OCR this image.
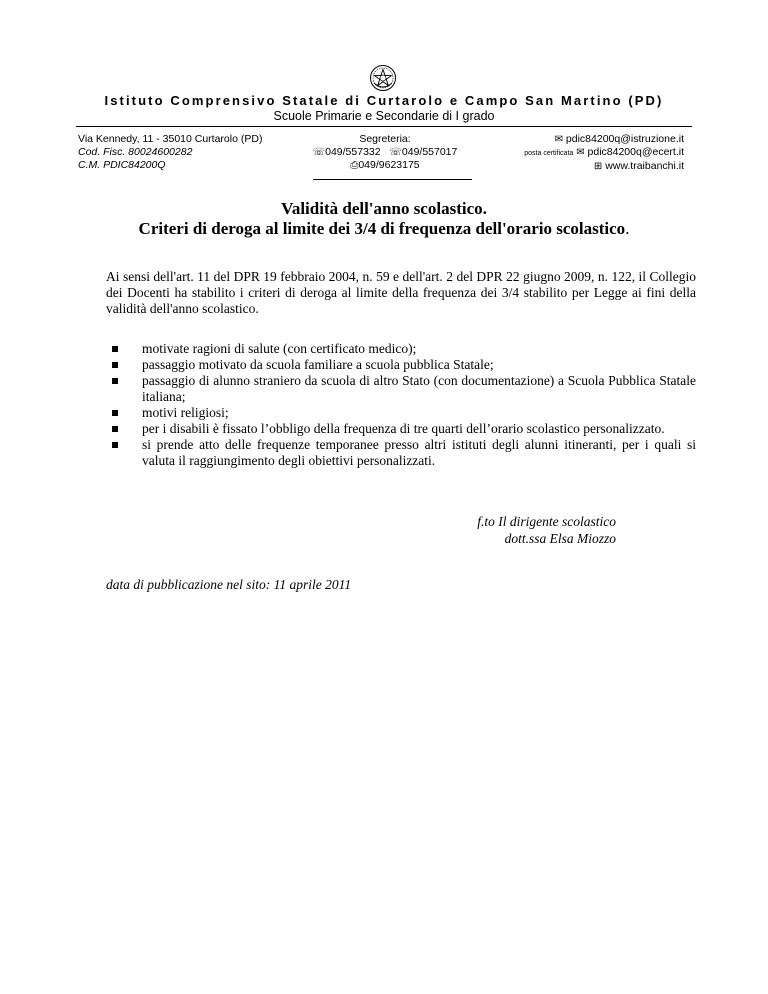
Istituto Comprensivo Statale di Curtarolo e Campo San Martino (PD)
Scuole Primarie e Secondarie di I grado
Via Kennedy, 11 - 35010 Curtarolo (PD)
Cod. Fisc. 80024600282
C.M. PDIC84200Q
Segreteria:
☏049/557332 ☏049/557017
⎙049/9623175
✉ pdic84200q@istruzione.it
posta certificata ✉ pdic84200q@ecert.it
⊞ www.traibanchi.it
Validità dell'anno scolastico.
Criteri di deroga al limite dei 3/4 di frequenza dell'orario scolastico.
Ai sensi dell'art. 11 del DPR 19 febbraio 2004, n. 59 e dell'art. 2 del DPR 22 giugno 2009, n. 122, il Collegio dei Docenti ha stabilito i criteri di deroga al limite della frequenza dei 3/4 stabilito per Legge ai fini della validità dell'anno scolastico.
motivate ragioni di salute (con certificato medico);
passaggio motivato da scuola familiare a scuola pubblica Statale;
passaggio di alunno straniero da scuola di altro Stato (con documentazione) a Scuola Pubblica Statale italiana;
motivi religiosi;
per i disabili è fissato l’obbligo della frequenza di tre quarti dell’orario scolastico personalizzato.
si prende atto delle frequenze temporanee presso altri istituti degli alunni itineranti, per i quali si valuta il raggiungimento degli obiettivi personalizzati.
f.to Il dirigente scolastico
dott.ssa Elsa Miozzo
data di pubblicazione nel sito: 11 aprile 2011
